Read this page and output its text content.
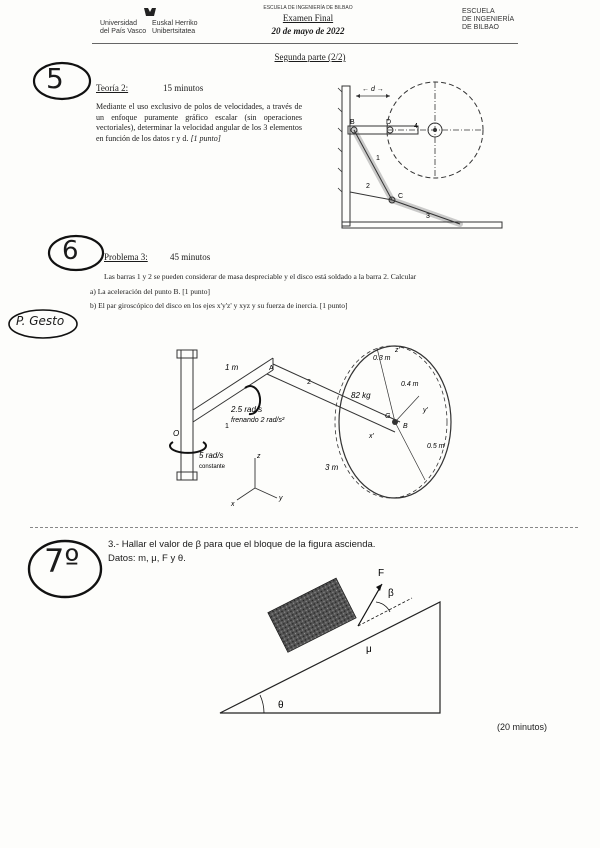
Universidad
del País Vasco
Euskal Herriko
Unibertsitatea
ESCUELA DE INGENIERÍA DE BILBAO
Examen Final
20 de mayo de 2022
ESCUELA
DE INGENIERÍA
DE BILBAO
Segunda parte (2/2)
5	Teoría 2:	15 minutos
Mediante el uso exclusivo de polos de velocidades, a través de un enfoque puramente gráfico escalar (sin operaciones vectoriales), determinar la velocidad angular de los 3 elementos en función de los datos r y d. [1 punto]
← d →
B	D
C
1
2
3
4
6	Problema 3: 45 minutos
Las barras 1 y 2 se pueden considerar de masa despreciable y el disco está soldado a la barra 2. Calcular
a) La aceleración del punto B. [1 punto]
b) El par giroscópico del disco en los ejes x'y'z' y xyz y su fuerza de inercia. [1 punto]
P. Gesto
1 m	A
2
1
2.5 rad/s
frenando 2 rad/s²
O
5 rad/s
constante
82 kg
B
G
0.3 m
0.4 m
0.5 m
3 m
y'
x'
z'
z
y
x
7º	3.- Hallar el valor de β para que el bloque de la figura ascienda.
Datos: m, μ, F y θ.
F
β
μ
θ
(20 minutos)
